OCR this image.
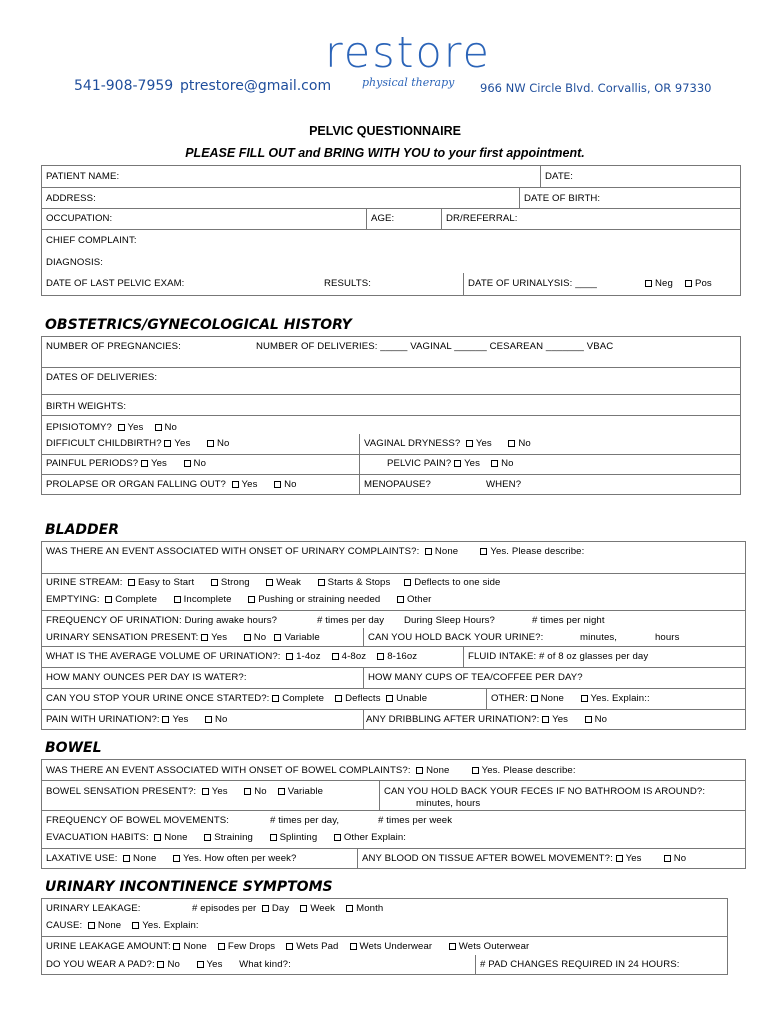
541-908-7959 ptrestore@gmail.com
restore
physical therapy 966 NW Circle Blvd. Corvallis, OR 97330
PELVIC QUESTIONNAIRE
PLEASE FILL OUT and BRING WITH YOU to your first appointment.
PATIENT NAME:	DATE:
ADDRESS:	DATE OF BIRTH:
OCCUPATION:	AGE:	DR/REFERRAL:
CHIEF COMPLAINT:
DIAGNOSIS:
DATE OF LAST PELVIC EXAM:	RESULTS:	DATE OF URINALYSIS: ____	Neg	Pos
OBSTETRICS/GYNECOLOGICAL HISTORY
NUMBER OF PREGNANCIES:	NUMBER OF DELIVERIES: _____ VAGINAL ______ CESAREAN _______ VBAC
DATES OF DELIVERIES:
BIRTH WEIGHTS:
EPISIOTOMY? Yes No
DIFFICULT CHILDBIRTH? Yes	No	VAGINAL DRYNESS? Yes	No
PAINFUL PERIODS? Yes	No	PELVIC PAIN? Yes No
PROLAPSE OR ORGAN FALLING OUT? Yes	No	MENOPAUSE?	WHEN?
BLADDER
WAS THERE AN EVENT ASSOCIATED WITH ONSET OF URINARY COMPLAINTS?: None	Yes. Please describe:
URINE STREAM: Easy to Start	Strong	Weak	Starts & Stops Deflects to one side
EMPTYING: Complete	Incomplete	Pushing or straining needed	Other
FREQUENCY OF URINATION: During awake hours?	# times per day During Sleep Hours?	# times per night
URINARY SENSATION PRESENT: Yes	No Variable	CAN YOU HOLD BACK YOUR URINE?:	minutes,	hours
WHAT IS THE AVERAGE VOLUME OF URINATION?: 1-4oz 4-8oz 8-16oz	FLUID INTAKE: # of 8 oz glasses per day
HOW MANY OUNCES PER DAY IS WATER?:	HOW MANY CUPS OF TEA/COFFEE PER DAY?
CAN YOU STOP YOUR URINE ONCE STARTED?: Complete Deflects Unable	OTHER: None	Yes. Explain::
PAIN WITH URINATION?: Yes	No	ANY DRIBBLING AFTER URINATION?: Yes	No
BOWEL
WAS THERE AN EVENT ASSOCIATED WITH ONSET OF BOWEL COMPLAINTS?: None	Yes. Please describe:
BOWEL SENSATION PRESENT?: Yes	No Variable	CAN YOU HOLD BACK YOUR FECES IF NO BATHROOM IS AROUND?:
minutes, hours
FREQUENCY OF BOWEL MOVEMENTS:	# times per day,	# times per week
EVACUATION HABITS: None	Straining	Splinting	Other Explain:
LAXATIVE USE: None	Yes. How often per week?	ANY BLOOD ON TISSUE AFTER BOWEL MOVEMENT?: Yes	No
URINARY INCONTINENCE SYMPTOMS
URINARY LEAKAGE:	# episodes per Day Week Month
CAUSE: None Yes. Explain:
URINE LEAKAGE AMOUNT: None Few Drops Wets Pad Wets Underwear	Wets Outerwear
DO YOU WEAR A PAD?: No	Yes What kind?:	# PAD CHANGES REQUIRED IN 24 HOURS:
